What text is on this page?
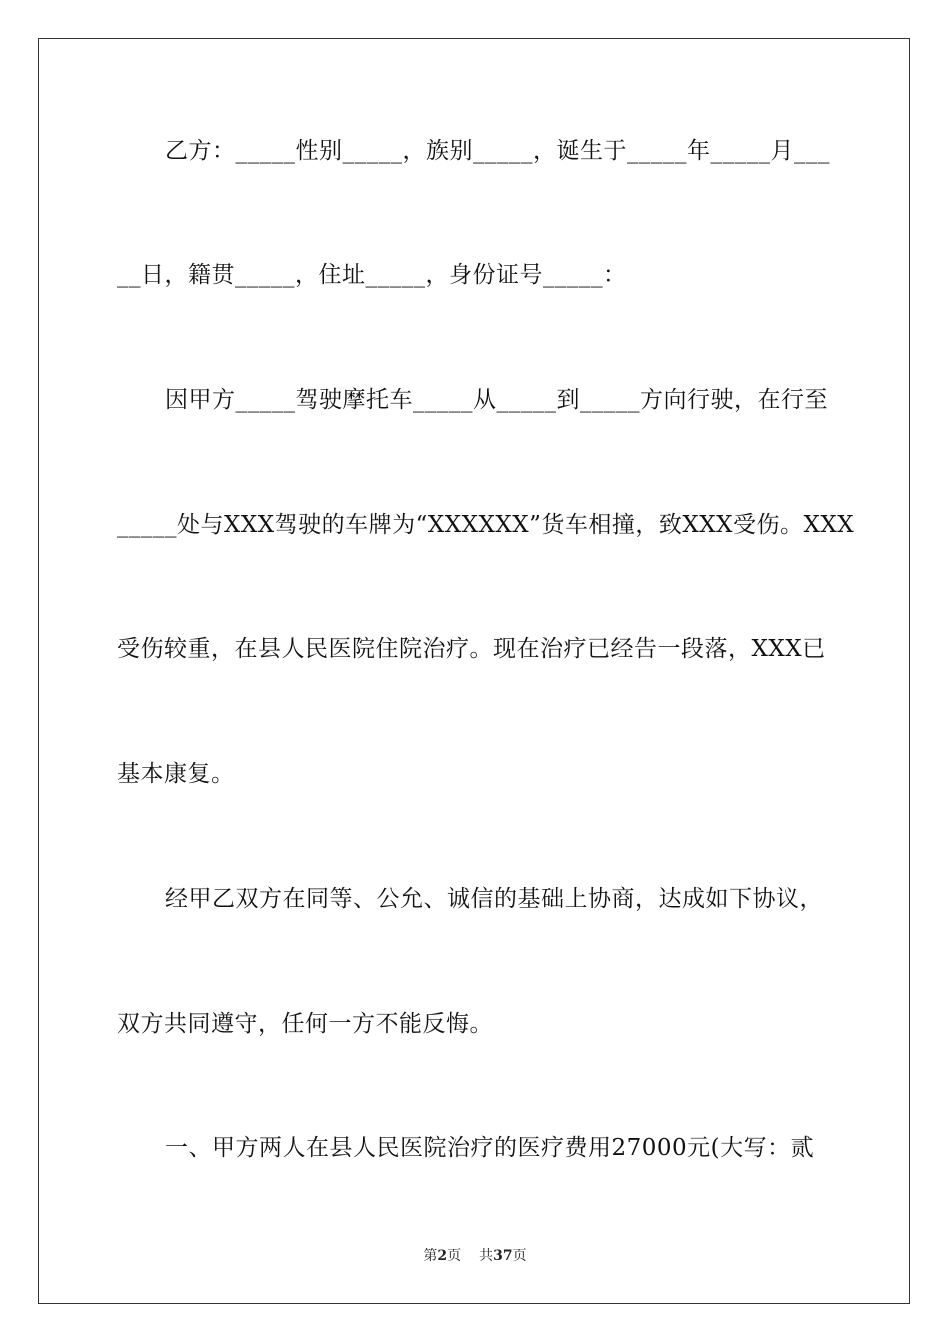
乙方：_____性别_____，族别_____，诞生于_____年_____月___
__日，籍贯_____，住址_____，身份证号_____：
因甲方_____驾驶摩托车_____从_____到_____方向行驶，在行至
_____处与XXX驾驶的车牌为“XXXXXX”货车相撞，致XXX受伤。XXX
受伤较重，在县人民医院住院治疗。现在治疗已经告一段落，XXX已
基本康复。
经甲乙双方在同等、公允、诚信的基础上协商，达成如下协议，
双方共同遵守，任何一方不能反悔。
一、甲方两人在县人民医院治疗的医疗费用27000元(大写：贰
第2页 共37页
